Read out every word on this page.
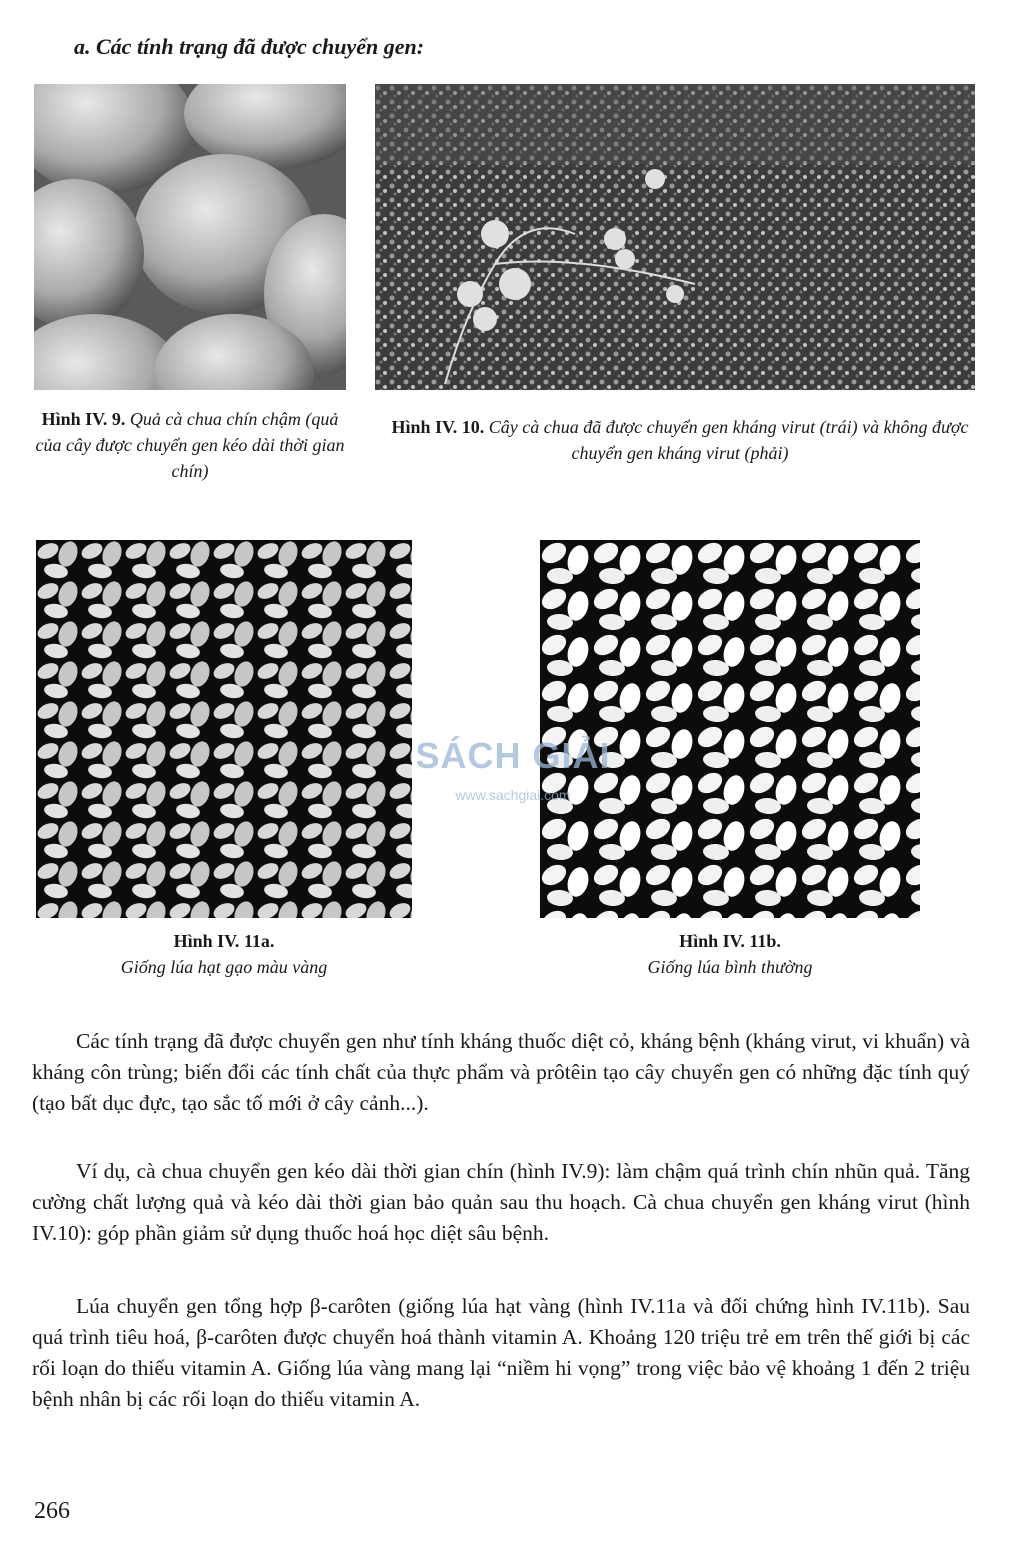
a. Các tính trạng đã được chuyển gen:
Hình IV. 9. Quả cà chua chín chậm (quả của cây được chuyển gen kéo dài thời gian chín)
Hình IV. 10. Cây cà chua đã được chuyển gen kháng virut (trái) và không được chuyển gen kháng virut (phải)
SÁCH GIẢI
www.sachgiai.com
Hình IV. 11a.
Giống lúa hạt gạo màu vàng
Hình IV. 11b.
Giống lúa bình thường
Các tính trạng đã được chuyển gen như tính kháng thuốc diệt cỏ, kháng bệnh (kháng virut, vi khuẩn) và kháng côn trùng; biến đổi các tính chất của thực phẩm và prôtêin tạo cây chuyển gen có những đặc tính quý (tạo bất dục đực, tạo sắc tố mới ở cây cảnh...).
Ví dụ, cà chua chuyển gen kéo dài thời gian chín (hình IV.9): làm chậm quá trình chín nhũn quả. Tăng cường chất lượng quả và kéo dài thời gian bảo quản sau thu hoạch. Cà chua chuyển gen kháng virut (hình IV.10): góp phần giảm sử dụng thuốc hoá học diệt sâu bệnh.
Lúa chuyển gen tổng hợp β-carôten (giống lúa hạt vàng (hình IV.11a và đối chứng hình IV.11b). Sau quá trình tiêu hoá, β-carôten được chuyển hoá thành vitamin A. Khoảng 120 triệu trẻ em trên thế giới bị các rối loạn do thiếu vitamin A. Giống lúa vàng mang lại “niềm hi vọng” trong việc bảo vệ khoảng 1 đến 2 triệu bệnh nhân bị các rối loạn do thiếu vitamin A.
266
